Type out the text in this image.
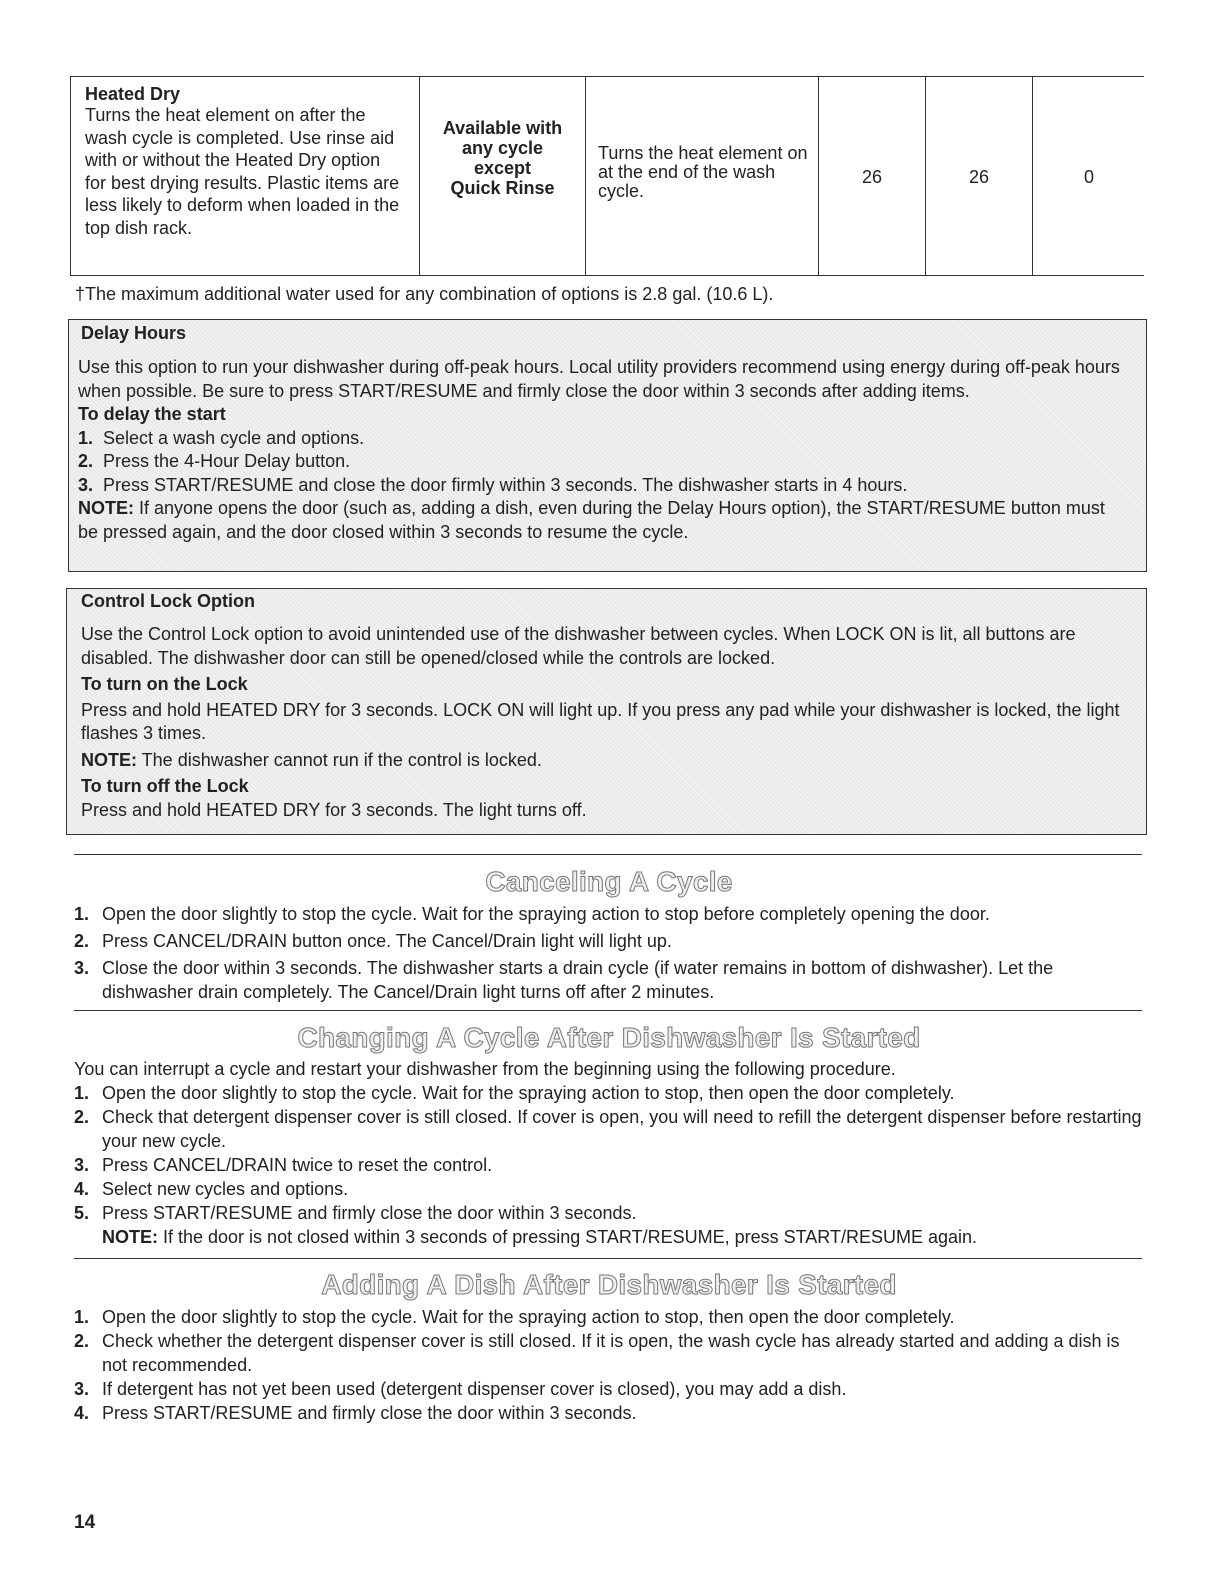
Heated Dry
Turns the heat element on after the wash cycle is completed. Use rinse aid with or without the Heated Dry option for best drying results. Plastic items are less likely to deform when loaded in the top dish rack.
Available with
any cycle
except
Quick Rinse
Turns the heat element on at the end of the wash cycle.
26	26	0
†The maximum additional water used for any combination of options is 2.8 gal. (10.6 L).
Delay Hours

Use this option to run your dishwasher during off-peak hours. Local utility providers recommend using energy during off-peak hours when possible. Be sure to press START/RESUME and firmly close the door within 3 seconds after adding items.

To delay the start

1. Select a wash cycle and options.

2. Press the 4-Hour Delay button.

3. Press START/RESUME and close the door firmly within 3 seconds. The dishwasher starts in 4 hours.

NOTE: If anyone opens the door (such as, adding a dish, even during the Delay Hours option), the START/RESUME button must be pressed again, and the door closed within 3 seconds to resume the cycle.

Control Lock Option

Use the Control Lock option to avoid unintended use of the dishwasher between cycles. When LOCK ON is lit, all buttons are disabled. The dishwasher door can still be opened/closed while the controls are locked.

To turn on the Lock

Press and hold HEATED DRY for 3 seconds. LOCK ON will light up. If you press any pad while your dishwasher is locked, the light flashes 3 times.

NOTE: The dishwasher cannot run if the control is locked.

To turn off the Lock

Press and hold HEATED DRY for 3 seconds. The light turns off.

Canceling A Cycle
1. Open the door slightly to stop the cycle. Wait for the spraying action to stop before completely opening the door.
2. Press CANCEL/DRAIN button once. The Cancel/Drain light will light up.
3. Close the door within 3 seconds. The dishwasher starts a drain cycle (if water remains in bottom of dishwasher). Let the dishwasher drain completely. The Cancel/Drain light turns off after 2 minutes.
Changing A Cycle After Dishwasher Is Started
You can interrupt a cycle and restart your dishwasher from the beginning using the following procedure.
1. Open the door slightly to stop the cycle. Wait for the spraying action to stop, then open the door completely.
2. Check that detergent dispenser cover is still closed. If cover is open, you will need to refill the detergent dispenser before restarting your new cycle.
3. Press CANCEL/DRAIN twice to reset the control.
4. Select new cycles and options.
5. Press START/RESUME and firmly close the door within 3 seconds.
NOTE: If the door is not closed within 3 seconds of pressing START/RESUME, press START/RESUME again.
Adding A Dish After Dishwasher Is Started
1. Open the door slightly to stop the cycle. Wait for the spraying action to stop, then open the door completely.
2. Check whether the detergent dispenser cover is still closed. If it is open, the wash cycle has already started and adding a dish is not recommended.
3. If detergent has not yet been used (detergent dispenser cover is closed), you may add a dish.
4. Press START/RESUME and firmly close the door within 3 seconds.
14
